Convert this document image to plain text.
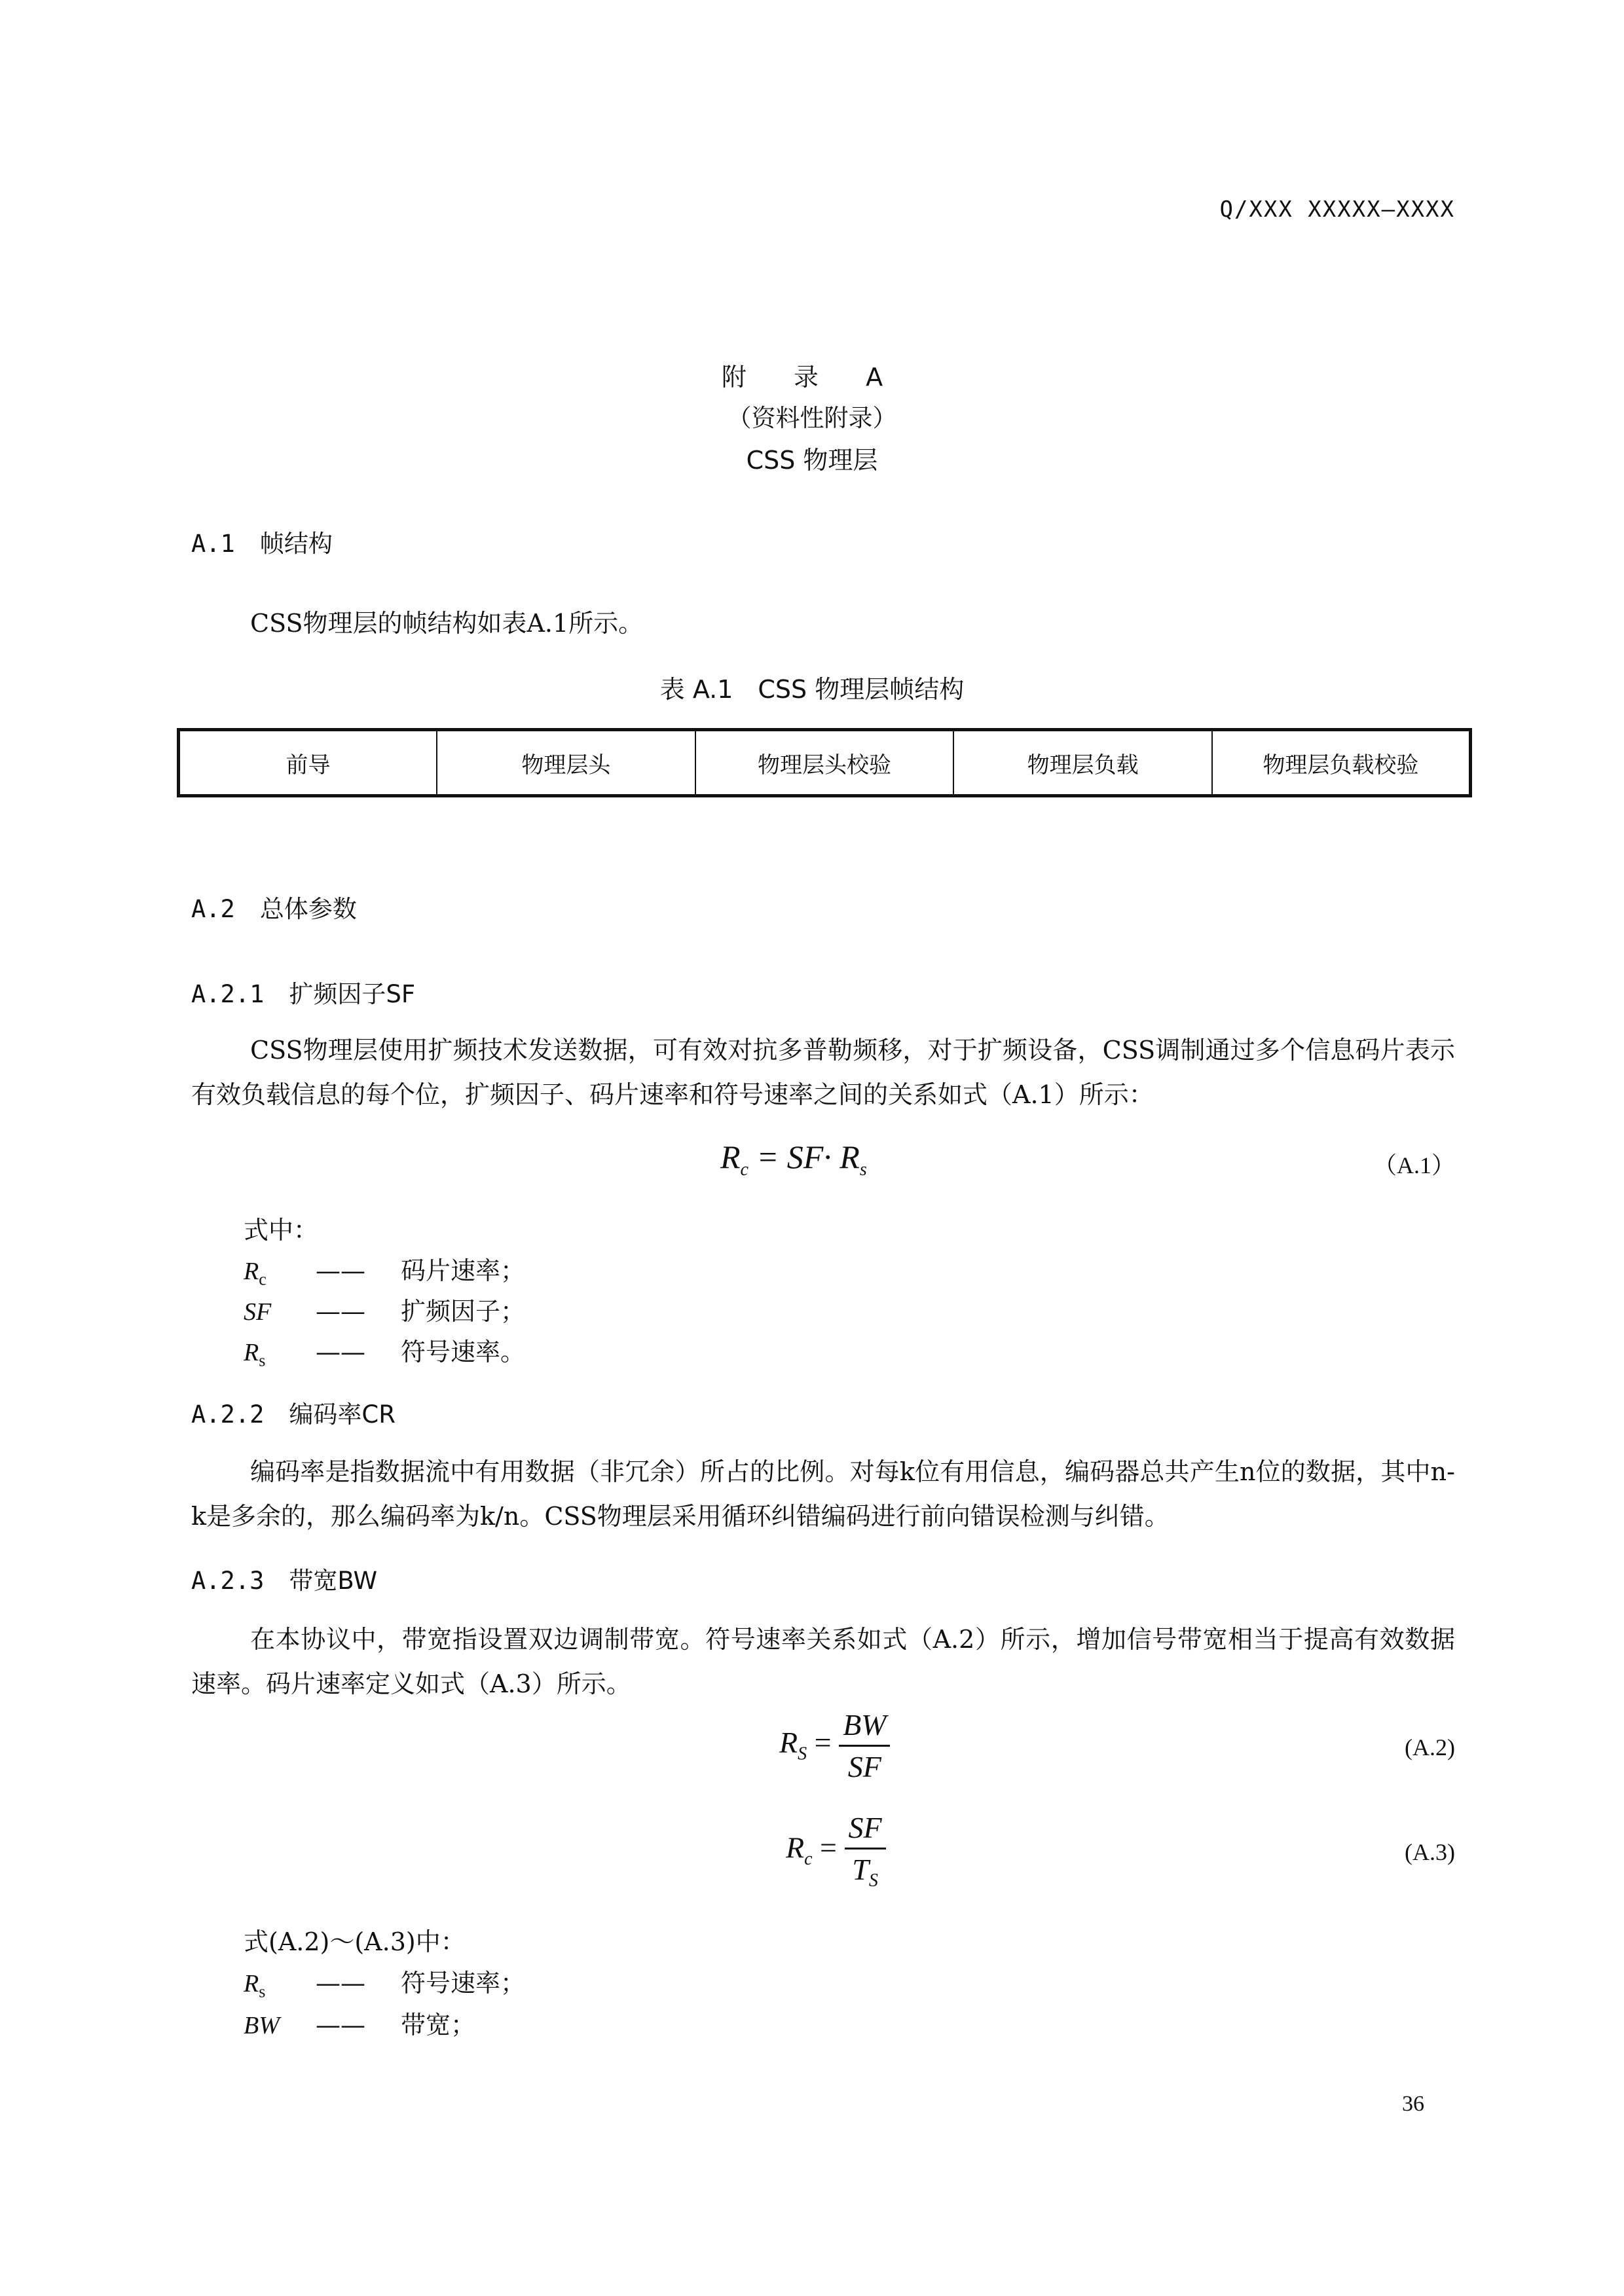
Q/XXX XXXXX—XXXX
附 录 A
（资料性附录）
CSS 物理层
A.1 帧结构
CSS物理层的帧结构如表A.1所示。
表 A.1　CSS 物理层帧结构
前导	物理层头	物理层头校验	物理层负载	物理层负载校验
A.2 总体参数
A.2.1 扩频因子SF
CSS物理层使用扩频技术发送数据，可有效对抗多普勒频移，对于扩频设备，CSS调制通过多个信息码片表示有效负载信息的每个位，扩频因子、码片速率和符号速率之间的关系如式（A.1）所示：
$R_c = SF\cdot R_s$	（A.1）
式中：
$R_c$ —— 码片速率；
SF —— 扩频因子；
$R_s$ —— 符号速率。
A.2.2 编码率CR
编码率是指数据流中有用数据（非冗余）所占的比例。对每k位有用信息，编码器总共产生n位的数据，其中n-k是多余的，那么编码率为k/n。CSS物理层采用循环纠错编码进行前向错误检测与纠错。
A.2.3 带宽BW
在本协议中，带宽指设置双边调制带宽。符号速率关系如式（A.2）所示，增加信号带宽相当于提高有效数据速率。码片速率定义如式（A.3）所示。
$R_S = \frac{BW}{SF}$	(A.2)
$R_c = \frac{SF}{T_S}$	(A.3)
式(A.2)～(A.3)中：
$R_s$ —— 符号速率；
BW —— 带宽；
36
